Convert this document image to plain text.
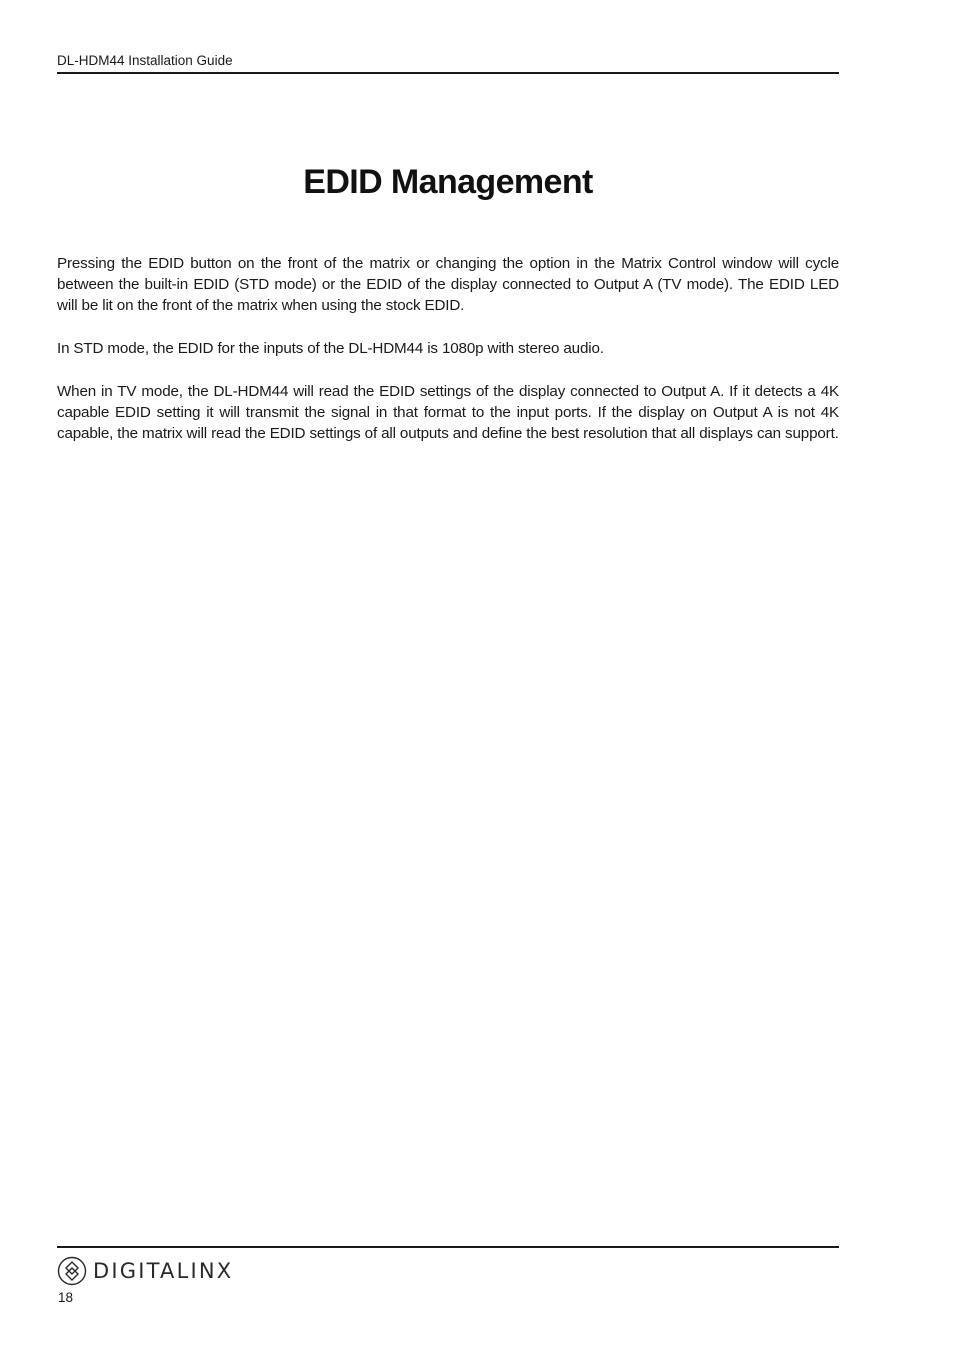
DL-HDM44 Installation Guide
EDID Management

Pressing the EDID button on the front of the matrix or changing the option in the Matrix Control window will cycle between the built-in EDID (STD mode) or the EDID of the display connected to Output A (TV mode). The EDID LED will be lit on the front of the matrix when using the stock EDID.

In STD mode, the EDID for the inputs of the DL-HDM44 is 1080p with stereo audio.

When in TV mode, the DL-HDM44 will read the EDID settings of the display connected to Output A. If it detects a 4K capable EDID setting it will transmit the signal in that format to the input ports. If the display on Output A is not 4K capable, the matrix will read the EDID settings of all outputs and define the best resolution that all displays can support.

DIGITALINX
18
